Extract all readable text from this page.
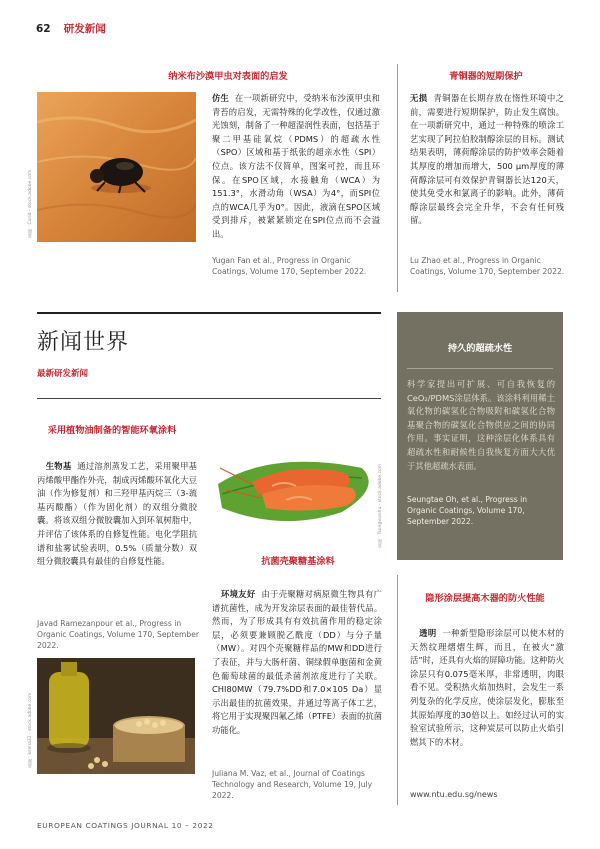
62 研发新闻
纳米布沙漠甲虫对表面的启发
来源：Curid - stock.adobe.com
仿生 在一项新研究中，受纳米布沙漠甲虫和青苔的启发，无需特殊的化学改性，仅通过激光蚀刻，制备了一种超湿润性表面，包括基于聚二甲基硅氧烷（PDMS）的超疏水性（SPO）区域和基于纸张的超亲水性（SPI）位点。该方法不仅简单，图案可控，而且环保。在SPO区域，水接触角（WCA）为151.3°，水滑动角（WSA）为4°，而SPI位点的WCA几乎为0°。因此，液滴在SPO区域受到排斥，被紧紧锁定在SPI位点而不会溢出。
Yugan Fan et al., Progress in Organic Coatings, Volume 170, September 2022.
青铜器的短期保护
无损 青铜器在长期存放在惰性环境中之前，需要进行短期保护，防止发生腐蚀。在一项新研究中，通过一种特殊的喷涂工艺实现了阿拉伯胶制醇涂层的目标。测试结果表明，薄荷醇涂层的防护效率会随着其厚度的增加而增大，500 μm厚度的薄荷醇涂层可有效保护青铜器长达120天，使其免受水和氯离子的影响。此外，薄荷醇涂层最终会完全升华，不会有任何残留。
Lu Zhao et al., Progress in Organic Coatings, Volume 170, September 2022.
新闻世界
最新研发新闻
持久的超疏水性
科学家提出可扩展、可自我恢复的CeO₂/PDMS涂层体系。该涂料利用稀土氧化物的碳氢化合物吸附和碳氢化合物基聚合物的碳氢化合物供应之间的协同作用。事实证明，这种涂层化体系具有超疏水性和耐候性自我恢复方面大大优于其他超疏水表面。
Seungtae Oh, et al., Progress in Organic Coatings, Volume 170, September 2022.
采用植物油制备的智能环氧涂料
生物基 通过溶剂蒸发工艺，采用聚甲基丙烯酸甲酯作外壳，制成丙烯酸环氧化大豆油（作为修复剂）和三羟甲基丙烷三（3-巯基丙酸酯）（作为固化剂）的双组分微胶囊。将该双组分微胶囊加入到环氧树脂中，并评估了该体系的自修复性能。电化学阻抗谱和盐雾试验表明，0.5%（质量分数）双组分微胶囊具有最佳的自修复性能。
Javad Ramezanpour et al., Progress in Organic Coatings, Volume 170, September 2022.
来源：ksena32 - stock.adobe.com
来源：Tsongwanhu - stock.adobe.com
抗菌壳聚糖基涂料
环境友好 由于壳聚糖对病原微生物具有广谱抗菌性，成为开发涂层表面的最佳替代品。然而，为了形成具有有效抗菌作用的稳定涂层，必须要兼顾脱乙酰度（DD）与分子量（MW）。对四个壳聚糖样品的MW和DD进行了表征，并与大肠杆菌、铜绿假单胞菌和金黄色葡萄球菌的最低杀菌剂浓度进行了关联。CHI80MW（79.7%DD和7.0×105 Da）显示出最佳的抗菌效果，并通过等离子体工艺，将它用于实现聚四氟乙烯（PTFE）表面的抗菌功能化。
Juliana M. Vaz, et al., Journal of Coatings Technology and Research, Volume 19, July 2022.
隐形涂层提高木器的防火性能
透明 一种新型隐形涂层可以使木材的天然纹理熠熠生辉，而且，在被火“激活”时，还具有火焰的屏障功能。这种防火涂层只有0.075毫米厚，非常透明，肉眼看不见。受积热火焰加热时，会发生一系列复杂的化学反应，使涂层发化，膨胀至其原始厚度的30倍以上。如经过认可的实验室试验所示，这种炭层可以防止火焰引燃其下的木材。
www.ntu.edu.sg/news
EUROPEAN COATINGS JOURNAL 10 – 2022
